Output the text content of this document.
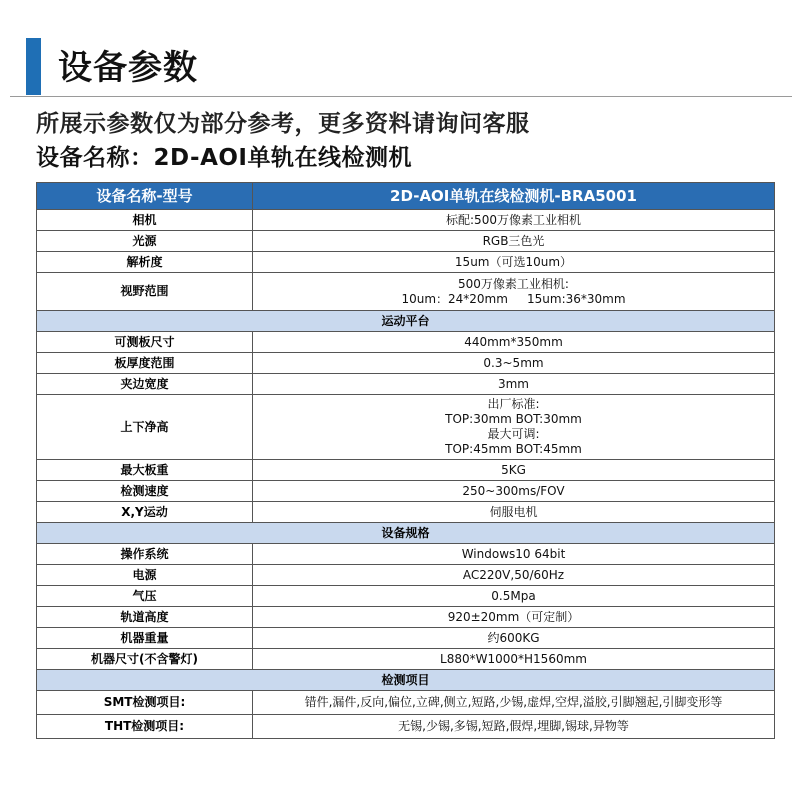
设备参数
所展示参数仅为部分参考，更多资料请询问客服
设备名称：2D-AOI单轨在线检测机
设备名称-型号	2D-AOI单轨在线检测机-BRA5001
相机	标配:500万像素工业相机
光源	RGB三色光
解析度	15um（可选10um）
视野范围	500万像素工业相机:
10um：24*20mm     15um:36*30mm

运动平台	
可测板尺寸	440mm*350mm
板厚度范围	0.3~5mm
夹边宽度	3mm
上下净高	出厂标准:
TOP:30mm BOT:30mm
最大可调:
TOP:45mm BOT:45mm

最大板重	5KG
检测速度	250~300ms/FOV
X,Y运动	伺服电机
设备规格	
操作系统	Windows10 64bit
电源	AC220V,50/60Hz
气压	0.5Mpa
轨道高度	920±20mm（可定制）
机器重量	约600KG
机器尺寸(不含警灯)	L880*W1000*H1560mm
检测项目	
SMT检测项目:	错件,漏件,反向,偏位,立碑,侧立,短路,少锡,虚焊,空焊,溢胶,引脚翘起,引脚变形等
THT检测项目:	无锡,少锡,多锡,短路,假焊,埋脚,锡球,异物等
